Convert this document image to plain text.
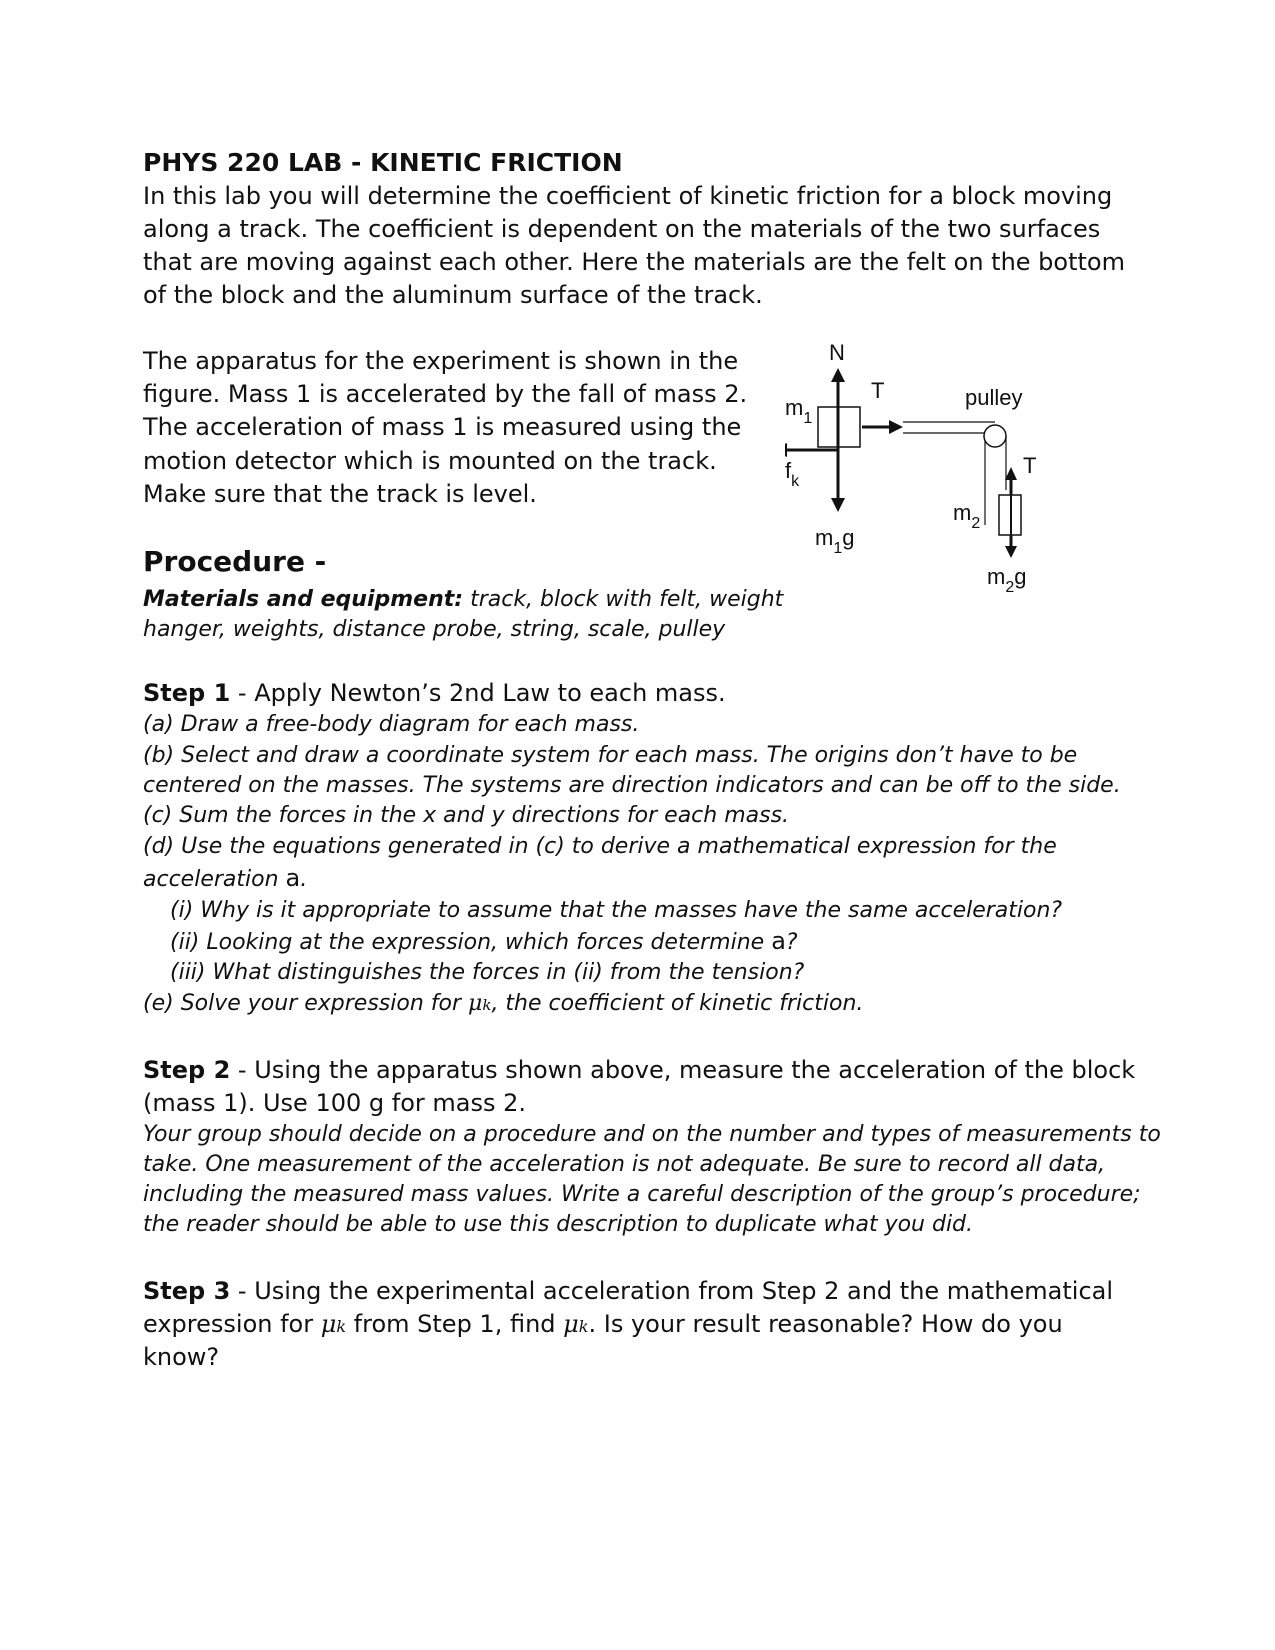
PHYS 220 LAB - KINETIC FRICTION
In this lab you will determine the coefficient of kinetic friction for a block moving
along a track. The coefficient is dependent on the materials of the two surfaces
that are moving against each other. Here the materials are the felt on the bottom
of the block and the aluminum surface of the track.
The apparatus for the experiment is shown in the
figure. Mass 1 is accelerated by the fall of mass 2.
The acceleration of mass 1 is measured using the
motion detector which is mounted on the track.
Make sure that the track is level.
N
$m_1g$
$f_k$
$m_1$
T	pulley
T
$m_2$
$m_2g$
Procedure -
Materials and equipment: track, block with felt, weight
hanger, weights, distance probe, string, scale, pulley
Step 1 - Apply Newton’s 2nd Law to each mass.
(a) Draw a free-body diagram for each mass.
(b) Select and draw a coordinate system for each mass. The origins don’t have to be
centered on the masses. The systems are direction indicators and can be off to the side.
(c) Sum the forces in the x and y directions for each mass.
(d) Use the equations generated in (c) to derive a mathematical expression for the
acceleration a.
(i) Why is it appropriate to assume that the masses have the same acceleration?
(ii) Looking at the expression, which forces determine a?
(iii) What distinguishes the forces in (ii) from the tension?
(e) Solve your expression for μk, the coefficient of kinetic friction.
Step 2 - Using the apparatus shown above, measure the acceleration of the block
(mass 1). Use 100 g for mass 2.
Your group should decide on a procedure and on the number and types of measurements to
take. One measurement of the acceleration is not adequate. Be sure to record all data,
including the measured mass values. Write a careful description of the group’s procedure;
the reader should be able to use this description to duplicate what you did.
Step 3 - Using the experimental acceleration from Step 2 and the mathematical
expression for μk from Step 1, find μk. Is your result reasonable? How do you
know?
